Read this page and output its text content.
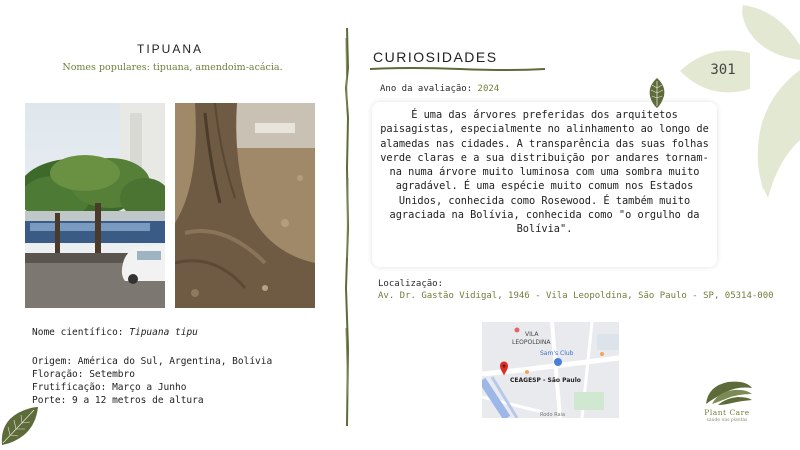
TIPUANA
Nomes populares: tipuana, amendoim-acácia.
Nome científico: Tipuana tipu
Origem: América do Sul, Argentina, Bolívia
Floração: Setembro
Frutificação: Março a Junho
Porte: 9 a 12 metros de altura
CURIOSIDADES
Ano da avaliação: 2024
É uma das árvores preferidas dos arquitetos paisagistas, especialmente no alinhamento ao longo de alamedas nas cidades. A transparência das suas folhas verde claras e a sua distribuição por andares tornam-na numa árvore muito luminosa com uma sombra muito agradável. É uma espécie muito comum nos Estados Unidos, conhecida como Rosewood. É também muito agraciada na Bolívia, conhecida como "o orgulho da Bolívia".
Localização:
Av. Dr. Gastão Vidigal, 1946 - Vila Leopoldina, São Paulo - SP, 05314-000
VILA
LEOPOLDINA
Sam's Club
CEAGESP - São Paulo
Rodo Raia
301
Plant Care
saúde nas plantas
